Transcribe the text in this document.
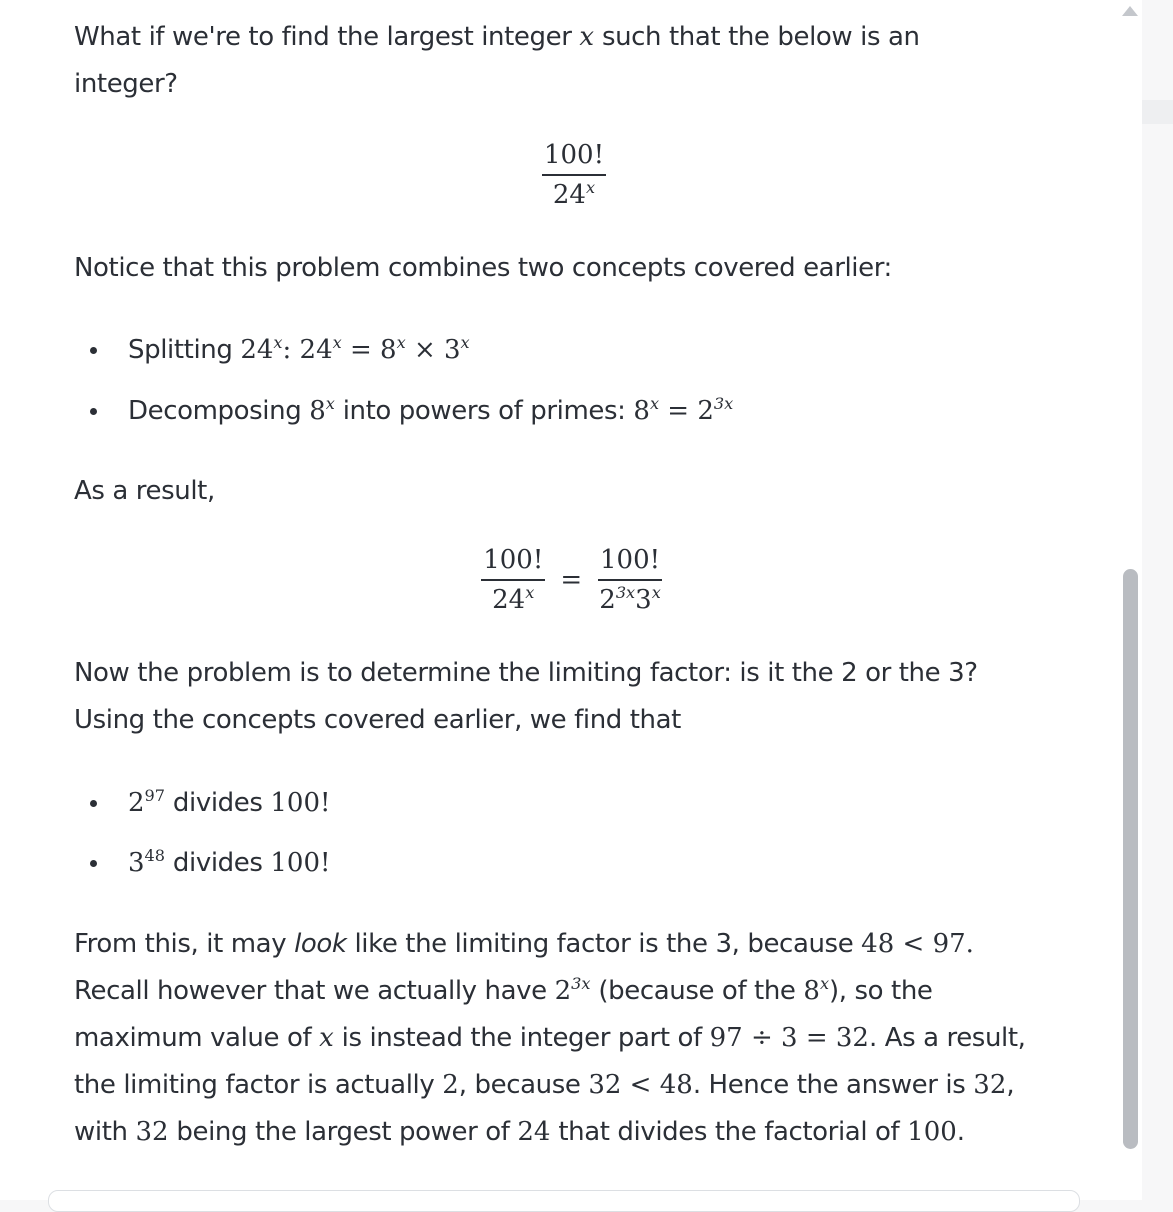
What if we're to find the largest integer x such that the below is an
integer?

$\frac{100!}{24^x}$

Notice that this problem combines two concepts covered earlier:

Splitting 24$^x$: $24^x = 8^x \times 3^x$
Decomposing 8$^x$ into powers of primes: $8^x = 2^{3x}$

As a result,

$\frac{100!}{24^x} = \frac{100!}{2^{3x}3^x}$

Now the problem is to determine the limiting factor: is it the 2 or the 3?
Using the concepts covered earlier, we find that

$2^{97}$ divides 100!
$3^{48}$ divides 100!

From this, it may look like the limiting factor is the 3, because 48 < 97.
Recall however that we actually have $2^{3x}$ (because of the 8$^x$), so the
maximum value of x is instead the integer part of 97 ÷ 3 = 32. As a result,
the limiting factor is actually 2, because 32 < 48. Hence the answer is 32,
with 32 being the largest power of 24 that divides the factorial of 100.
